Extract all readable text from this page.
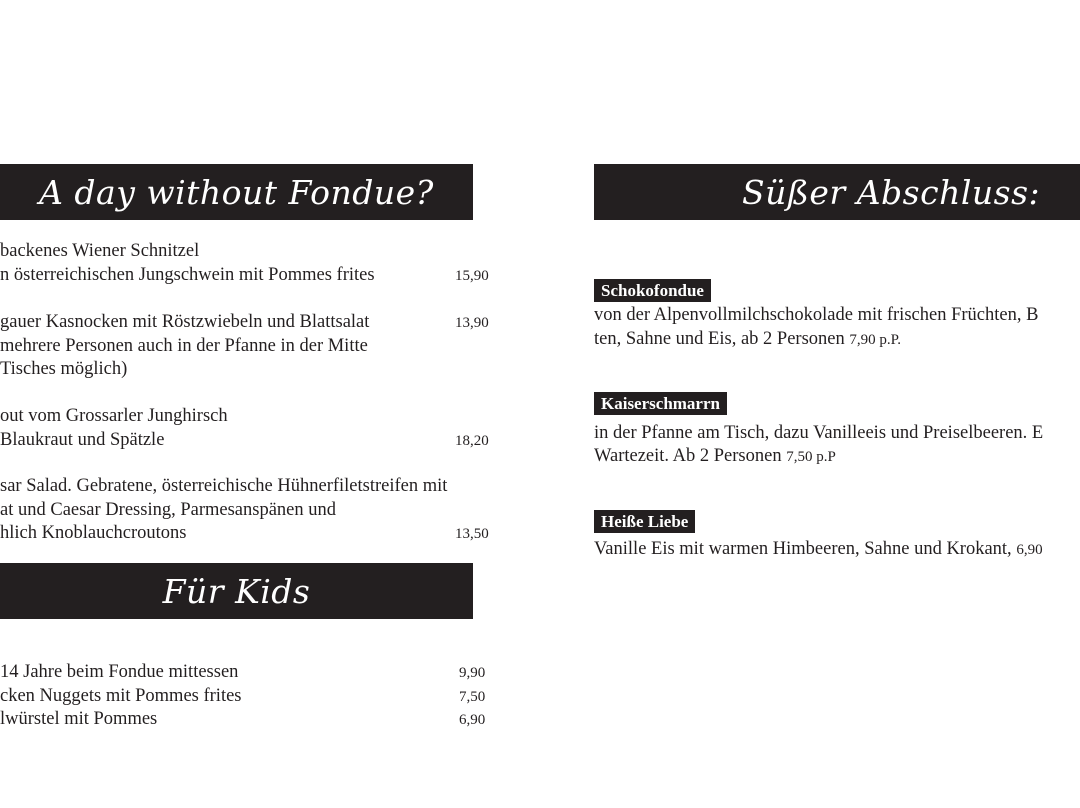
A day without Fondue?
backenes Wiener Schnitzel
n österreichischen Jungschwein mit Pommes frites	15,90
gauer Kasnocken mit Röstzwiebeln und Blattsalat	13,90
mehrere Personen auch in der Pfanne in der Mitte
Tisches möglich)
out vom Grossarler Junghirsch
Blaukraut und Spätzle	18,20
sar Salad. Gebratene, österreichische Hühnerfiletstreifen mit
at und Caesar Dressing, Parmesanspänen und
hlich Knoblauchcroutons	13,50
Für Kids
14 Jahre beim Fondue mittessen	9,90
cken Nuggets mit Pommes frites	7,50
lwürstel mit Pommes	6,90
Süßer Abschluss:
Schokofondue
von der Alpenvollmilchschokolade mit frischen Früchten, B
ten, Sahne und Eis, ab 2 Personen 7,90 p.P.
Kaiserschmarrn
in der Pfanne am Tisch, dazu Vanilleeis und Preiselbeeren. E
Wartezeit. Ab 2 Personen 7,50 p.P
Heiße Liebe
Vanille Eis mit warmen Himbeeren, Sahne und Krokant, 6,90
